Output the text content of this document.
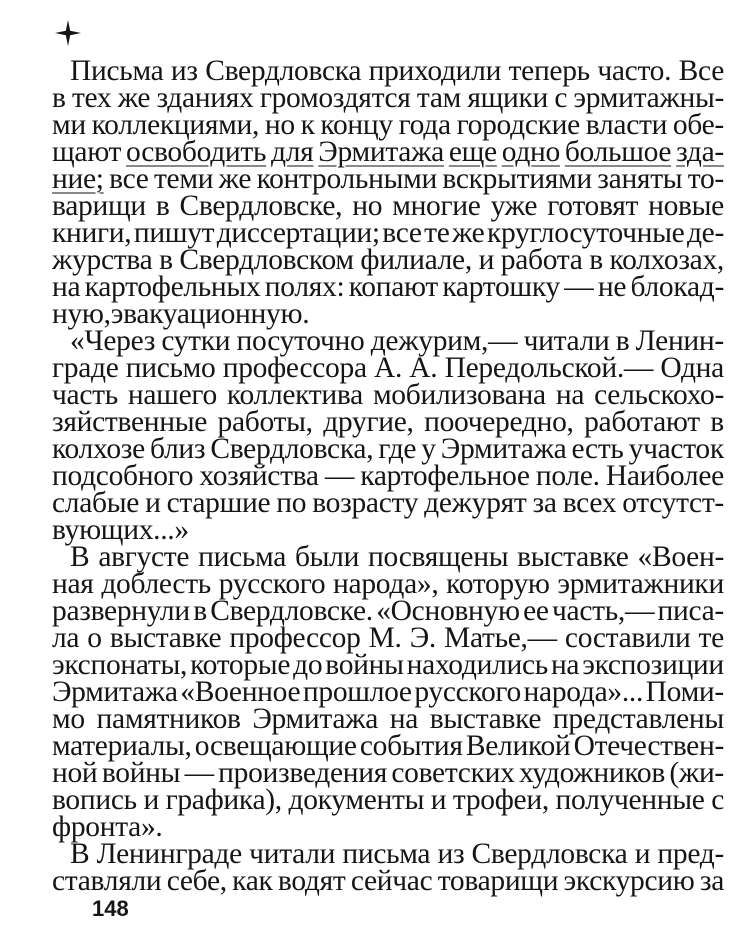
Письма из Свердловска приходили теперь часто. Все
в тех же зданиях громоздятся там ящики с эрмитажны-
ми коллекциями, но к концу года городские власти обе-
щают освободить для Эрмитажа еще одно большое зда-
ние; все теми же контрольными вскрытиями заняты то-
варищи в Свердловске, но многие уже готовят новые
книги, пишут диссертации; все те же круглосуточные де-
журства в Свердловском филиале, и работа в колхозах,
на картофельных полях: копают картошку — не блокад-
ную, эвакуационную.
«Через сутки посуточно дежурим,— читали в Ленин-
граде письмо профессора А. А. Передольской.— Одна
часть нашего коллектива мобилизована на сельскохо-
зяйственные работы, другие, поочередно, работают в
колхозе близ Свердловска, где у Эрмитажа есть участок
подсобного хозяйства — картофельное поле. Наиболее
слабые и старшие по возрасту дежурят за всех отсутст-
вующих...»
В августе письма были посвящены выставке «Воен-
ная доблесть русского народа», которую эрмитажники
развернули в Свердловске. «Основную ее часть,— писа-
ла о выставке профессор М. Э. Матье,— составили те
экспонаты, которые до войны находились на экспозиции
Эрмитажа «Военное прошлое русского народа»... Поми-
мо памятников Эрмитажа на выставке представлены
материалы, освещающие события Великой Отечествен-
ной войны — произведения советских художников (жи-
вопись и графика), документы и трофеи, полученные с
фронта».
В Ленинграде читали письма из Свердловска и пред-
ставляли себе, как водят сейчас товарищи экскурсию за
148
